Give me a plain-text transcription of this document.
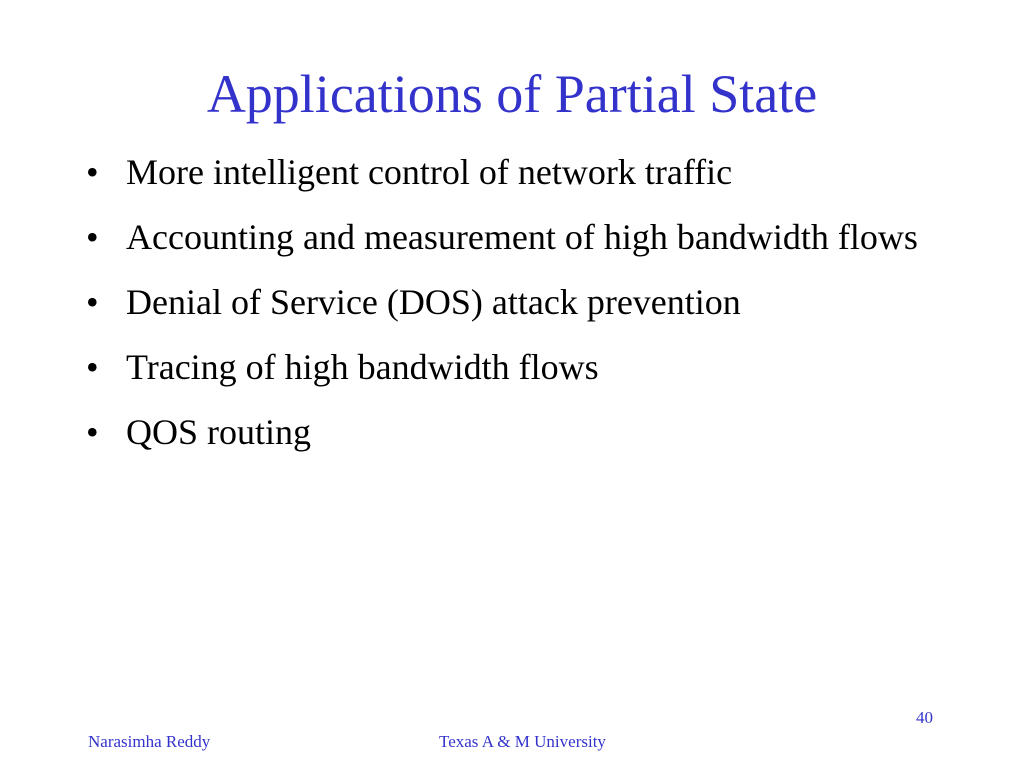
Applications of Partial State
• More intelligent control of network traffic
• Accounting and measurement of high bandwidth flows
• Denial of Service (DOS) attack prevention
• Tracing of high bandwidth flows
• QOS routing
40
Narasimha Reddy	Texas A & M University
